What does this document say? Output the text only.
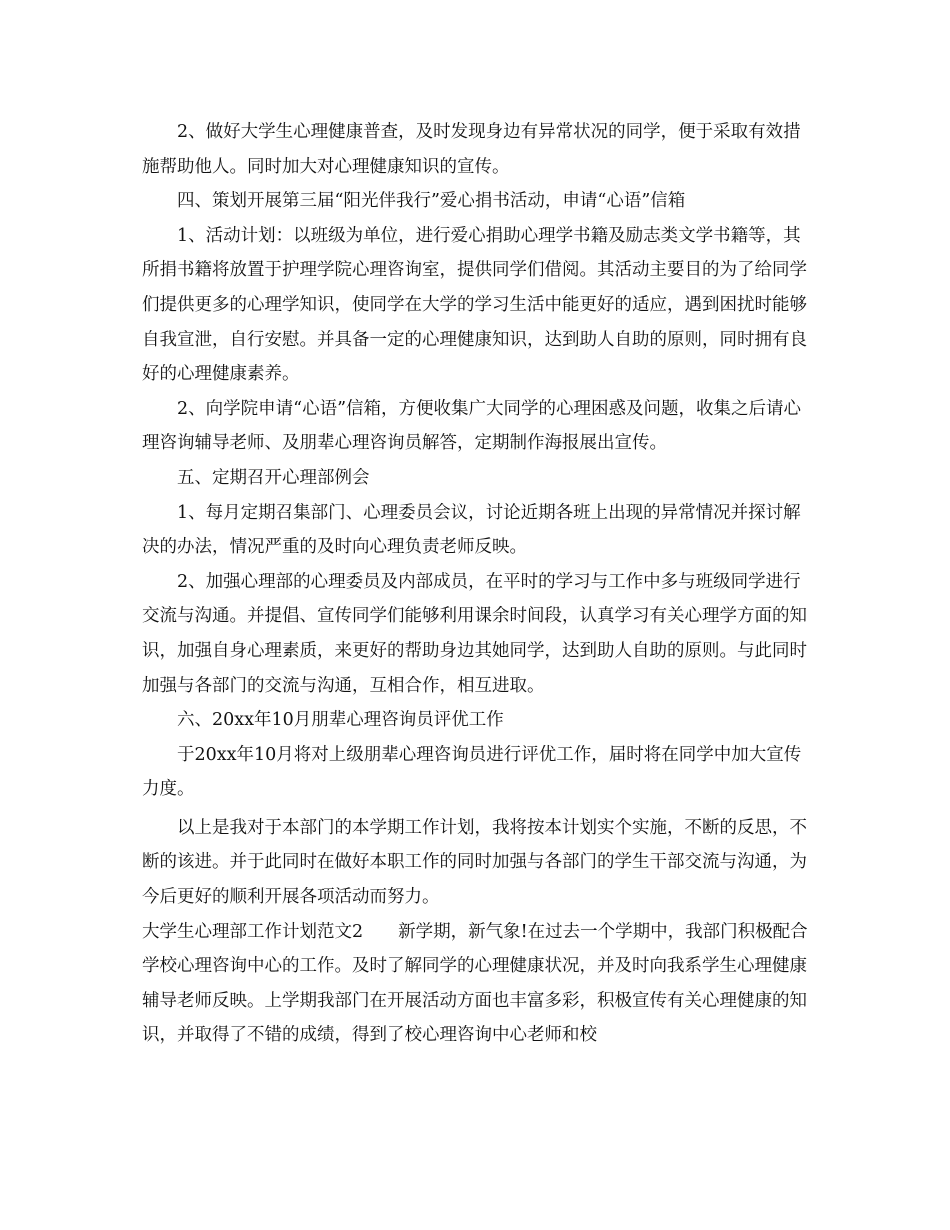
2、做好大学生心理健康普查，及时发现身边有异常状况的同学，便于采取有效措施帮助他人。同时加大对心理健康知识的宣传。

四、策划开展第三届“阳光伴我行”爱心捐书活动，申请“心语”信箱

1、活动计划：以班级为单位，进行爱心捐助心理学书籍及励志类文学书籍等，其所捐书籍将放置于护理学院心理咨询室，提供同学们借阅。其活动主要目的为了给同学们提供更多的心理学知识，使同学在大学的学习生活中能更好的适应，遇到困扰时能够自我宣泄，自行安慰。并具备一定的心理健康知识，达到助人自助的原则，同时拥有良好的心理健康素养。

2、向学院申请“心语”信箱，方便收集广大同学的心理困惑及问题，收集之后请心理咨询辅导老师、及朋辈心理咨询员解答，定期制作海报展出宣传。

五、定期召开心理部例会

1、每月定期召集部门、心理委员会议，讨论近期各班上出现的异常情况并探讨解决的办法，情况严重的及时向心理负责老师反映。

2、加强心理部的心理委员及内部成员，在平时的学习与工作中多与班级同学进行交流与沟通。并提倡、宣传同学们能够利用课余时间段，认真学习有关心理学方面的知识，加强自身心理素质，来更好的帮助身边其她同学，达到助人自助的原则。与此同时加强与各部门的交流与沟通，互相合作，相互进取。

六、20xx年10月朋辈心理咨询员评优工作

于20xx年10月将对上级朋辈心理咨询员进行评优工作，届时将在同学中加大宣传力度。

以上是我对于本部门的本学期工作计划，我将按本计划实个实施，不断的反思，不断的该进。并于此同时在做好本职工作的同时加强与各部门的学生干部交流与沟通，为今后更好的顺利开展各项活动而努力。

大学生心理部工作计划范文2　　新学期，新气象!在过去一个学期中，我部门积极配合学校心理咨询中心的工作。及时了解同学的心理健康状况，并及时向我系学生心理健康辅导老师反映。上学期我部门在开展活动方面也丰富多彩，积极宣传有关心理健康的知识，并取得了不错的成绩，得到了校心理咨询中心老师和校
